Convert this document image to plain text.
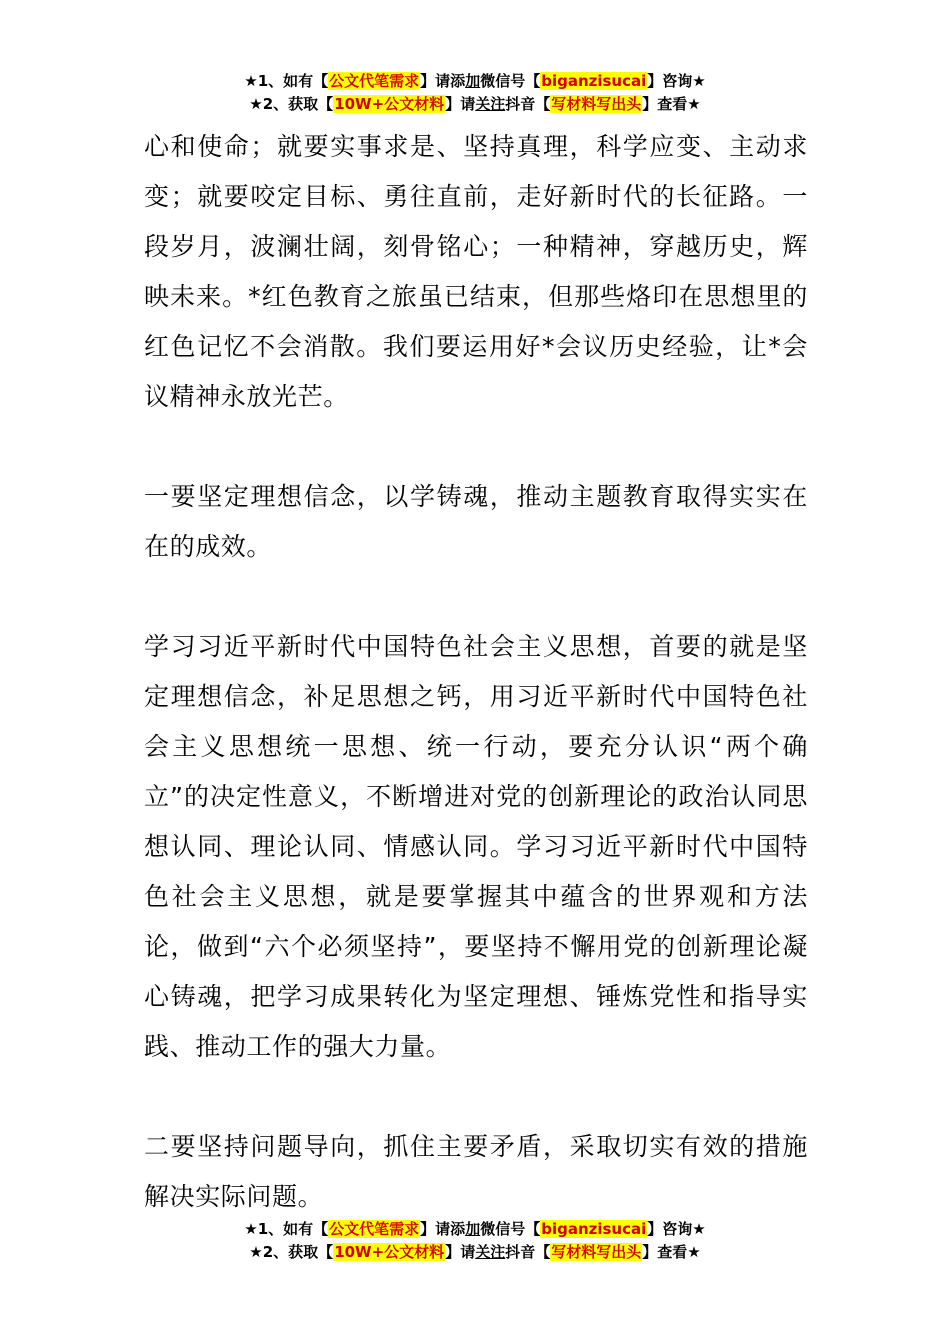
★1、如有【公文代笔需求】请添加微信号【biganzisucai】咨询★
★2、获取【10W+公文材料】请关注抖音【写材料写出头】查看★

心和使命；就要实事求是、坚持真理，科学应变、主动求变；就要咬定目标、勇往直前，走好新时代的长征路。一段岁月，波澜壮阔，刻骨铭心；一种精神，穿越历史，辉映未来。*红色教育之旅虽已结束，但那些烙印在思想里的红色记忆不会消散。我们要运用好*会议历史经验，让*会议精神永放光芒。

一要坚定理想信念，以学铸魂，推动主题教育取得实实在在的成效。

学习习近平新时代中国特色社会主义思想，首要的就是坚定理想信念，补足思想之钙，用习近平新时代中国特色社会主义思想统一思想、统一行动，要充分认识“两个确立”的决定性意义，不断增进对党的创新理论的政治认同思想认同、理论认同、情感认同。学习习近平新时代中国特色社会主义思想，就是要掌握其中蕴含的世界观和方法论，做到“六个必须坚持”，要坚持不懈用党的创新理论凝心铸魂，把学习成果转化为坚定理想、锤炼党性和指导实践、推动工作的强大力量。

二要坚持问题导向，抓住主要矛盾，采取切实有效的措施解决实际问题。

★1、如有【公文代笔需求】请添加微信号【biganzisucai】咨询★
★2、获取【10W+公文材料】请关注抖音【写材料写出头】查看★
